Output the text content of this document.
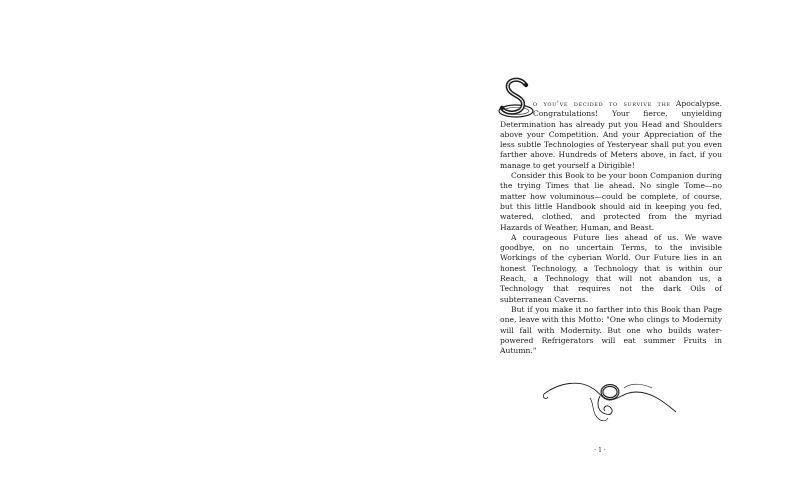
o you've decided to survive the Apocalypse. Congratulations! Your fierce, unyielding Determination has already put you Head and Shoulders above your Competition. And your Appreciation of the less subtle Technologies of Yesteryear shall put you even farther above. Hundreds of Meters above, in fact, if you manage to get yourself a Dirigible!

Consider this Book to be your boon Companion during the trying Times that lie ahead. No single Tome—no matter how voluminous—could be complete, of course, but this little Handbook should aid in keeping you fed, watered, clothed, and protected from the myriad Hazards of Weather, Human, and Beast.

A courageous Future lies ahead of us. We wave goodbye, on no uncertain Terms, to the invisible Workings of the cyberian World. Our Future lies in an honest Technology, a Technology that is within our Reach, a Technology that will not abandon us, a Technology that requires not the dark Oils of subterranean Caverns.

But if you make it no farther into this Book than Page one, leave with this Motto: "One who clings to Modernity will fall with Modernity. But one who builds water-powered Refrigerators will eat summer Fruits in Autumn."

· 1 ·
